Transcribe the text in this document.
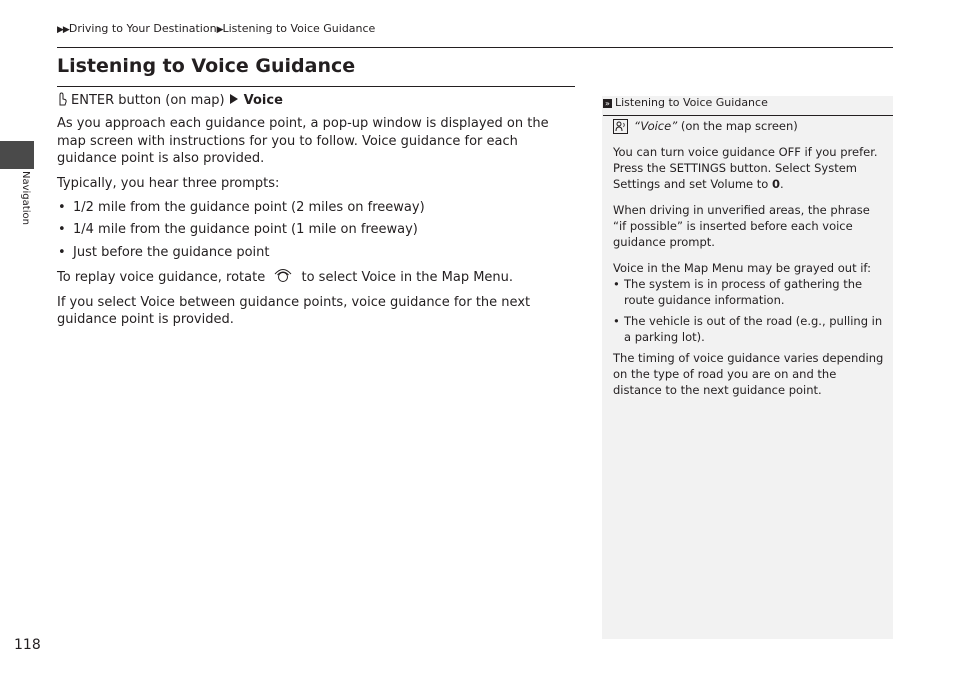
▶▶Driving to Your Destination▶Listening to Voice Guidance
Listening to Voice Guidance
Navigation

ENTER button (on map) Voice

As you approach each guidance point, a pop-up window is displayed on the map screen with instructions for you to follow. Voice guidance for each guidance point is also provided.

Typically, you hear three prompts:

• 1/2 mile from the guidance point (2 miles on freeway)
• 1/4 mile from the guidance point (1 mile on freeway)
• Just before the guidance point

To replay voice guidance, rotate	to select Voice in the Map Menu.

If you select Voice between guidance points, voice guidance for the next guidance point is provided.

» Listening to Voice Guidance

“Voice” (on the map screen)

You can turn voice guidance OFF if you prefer. Press the SETTINGS button. Select System Settings and set Volume to 0.

When driving in unverified areas, the phrase “if possible” is inserted before each voice guidance prompt.

Voice in the Map Menu may be grayed out if:

• The system is in process of gathering the route guidance information.
• The vehicle is out of the road (e.g., pulling in a parking lot).

The timing of voice guidance varies depending on the type of road you are on and the distance to the next guidance point.

118
